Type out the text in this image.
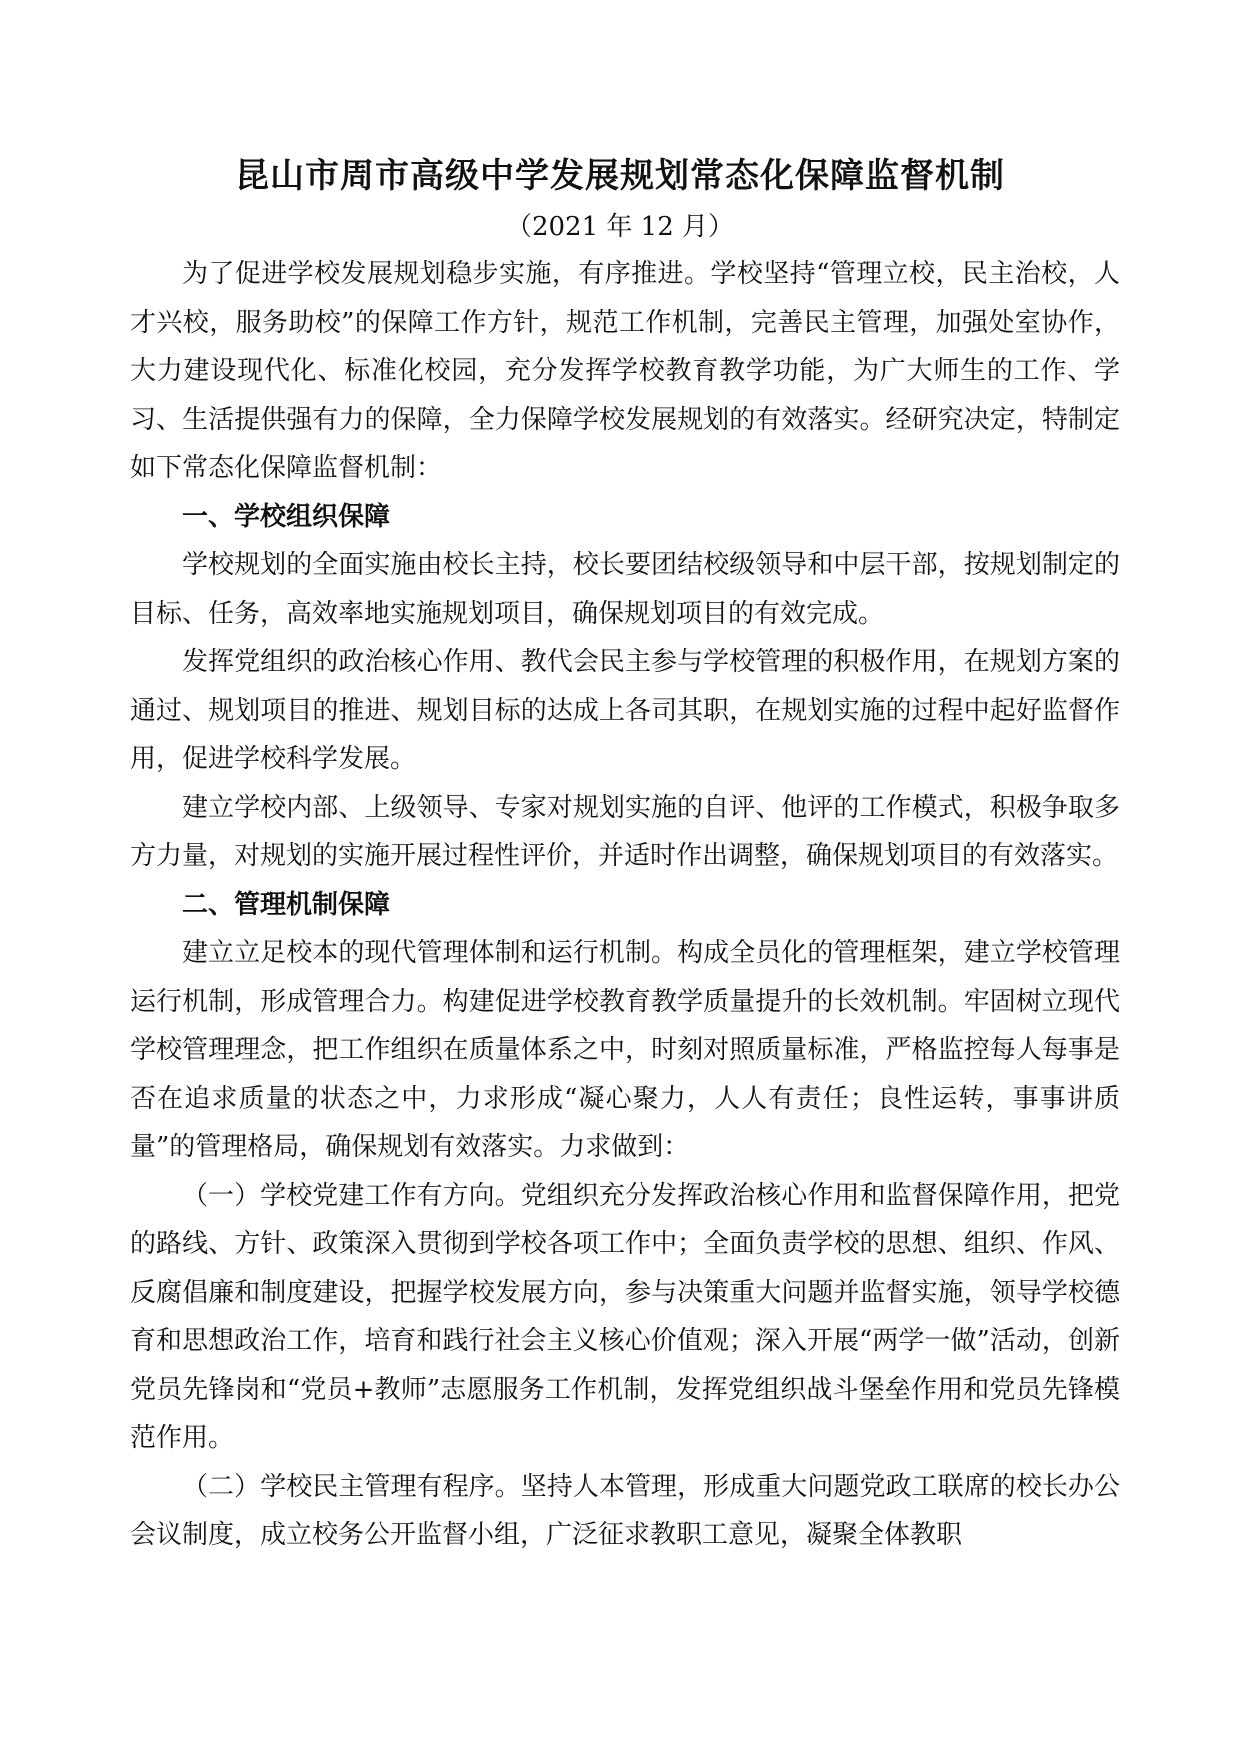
昆山市周市高级中学发展规划常态化保障监督机制
（2021 年 12 月）

为了促进学校发展规划稳步实施，有序推进。学校坚持“管理立校，民主治校，人才兴校，服务助校”的保障工作方针，规范工作机制，完善民主管理，加强处室协作，大力建设现代化、标准化校园，充分发挥学校教育教学功能，为广大师生的工作、学习、生活提供强有力的保障，全力保障学校发展规划的有效落实。经研究决定，特制定如下常态化保障监督机制：

一、学校组织保障

学校规划的全面实施由校长主持，校长要团结校级领导和中层干部，按规划制定的目标、任务，高效率地实施规划项目，确保规划项目的有效完成。

发挥党组织的政治核心作用、教代会民主参与学校管理的积极作用，在规划方案的通过、规划项目的推进、规划目标的达成上各司其职，在规划实施的过程中起好监督作用，促进学校科学发展。

建立学校内部、上级领导、专家对规划实施的自评、他评的工作模式，积极争取多方力量，对规划的实施开展过程性评价，并适时作出调整，确保规划项目的有效落实。

二、管理机制保障

建立立足校本的现代管理体制和运行机制。构成全员化的管理框架，建立学校管理运行机制，形成管理合力。构建促进学校教育教学质量提升的长效机制。牢固树立现代学校管理理念，把工作组织在质量体系之中，时刻对照质量标准，严格监控每人每事是否在追求质量的状态之中，力求形成“凝心聚力，人人有责任；良性运转，事事讲质量”的管理格局，确保规划有效落实。力求做到：

（一）学校党建工作有方向。党组织充分发挥政治核心作用和监督保障作用，把党的路线、方针、政策深入贯彻到学校各项工作中；全面负责学校的思想、组织、作风、反腐倡廉和制度建设，把握学校发展方向，参与决策重大问题并监督实施，领导学校德育和思想政治工作，培育和践行社会主义核心价值观；深入开展“两学一做”活动，创新党员先锋岗和“党员+教师”志愿服务工作机制，发挥党组织战斗堡垒作用和党员先锋模范作用。

（二）学校民主管理有程序。坚持人本管理，形成重大问题党政工联席的校长办公会议制度，成立校务公开监督小组，广泛征求教职工意见，凝聚全体教职
